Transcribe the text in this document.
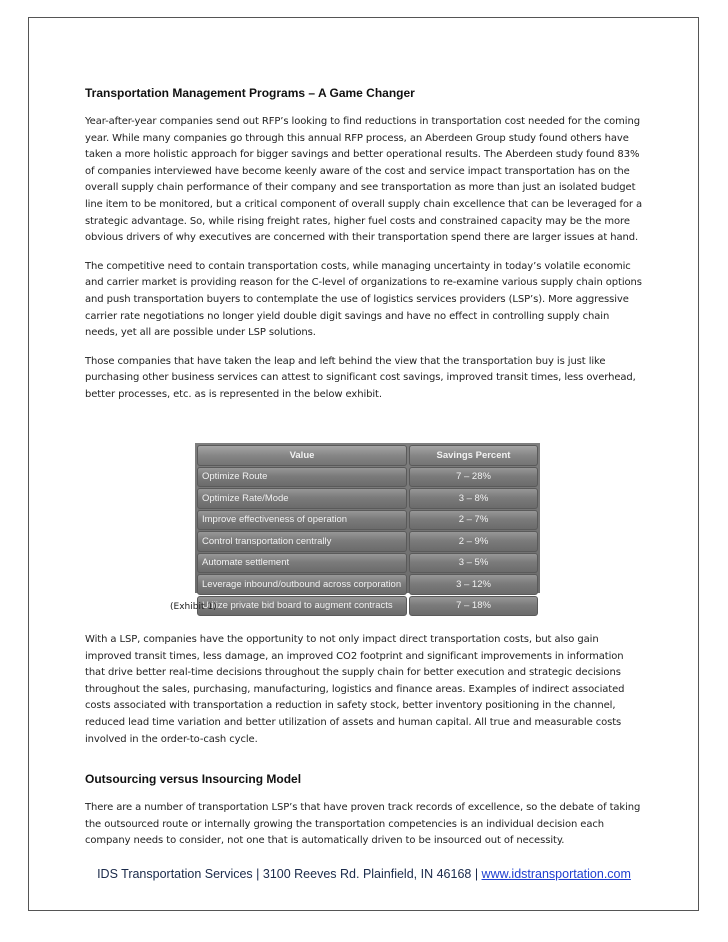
Transportation Management Programs – A Game Changer

Year-after-year companies send out RFP’s looking to find reductions in transportation cost needed for the coming year. While many companies go through this annual RFP process, an Aberdeen Group study found others have taken a more holistic approach for bigger savings and better operational results. The Aberdeen study found 83% of companies interviewed have become keenly aware of the cost and service impact transportation has on the overall supply chain performance of their company and see transportation as more than just an isolated budget line item to be monitored, but a critical component of overall supply chain excellence that can be leveraged for a strategic advantage. So, while rising freight rates, higher fuel costs and constrained capacity may be the more obvious drivers of why executives are concerned with their transportation spend there are larger issues at hand.

The competitive need to contain transportation costs, while managing uncertainty in today’s volatile economic and carrier market is providing reason for the C-level of organizations to re-examine various supply chain options and push transportation buyers to contemplate the use of logistics services providers (LSP’s). More aggressive carrier rate negotiations no longer yield double digit savings and have no effect in controlling supply chain needs, yet all are possible under LSP solutions.

Those companies that have taken the leap and left behind the view that the transportation buy is just like purchasing other business services can attest to significant cost savings, improved transit times, less overhead, better processes, etc. as is represented in the below exhibit.

Value	Savings Percent
Optimize Route	7 – 28%
Optimize Rate/Mode	3 – 8%
Improve effectiveness of operation	2 – 7%
Control transportation centrally	2 – 9%
Automate settlement	3 – 5%
Leverage inbound/outbound across corporation	3 – 12%
Utilize private bid board to augment contracts	7 – 18%
(Exhibit 1)

With a LSP, companies have the opportunity to not only impact direct transportation costs, but also gain improved transit times, less damage, an improved CO2 footprint and significant improvements in information that drive better real-time decisions throughout the supply chain for better execution and strategic decisions throughout the sales, purchasing, manufacturing, logistics and finance areas. Examples of indirect associated costs associated with transportation a reduction in safety stock, better inventory positioning in the channel, reduced lead time variation and better utilization of assets and human capital. All true and measurable costs involved in the order-to-cash cycle.

Outsourcing versus Insourcing Model

There are a number of transportation LSP’s that have proven track records of excellence, so the debate of taking the outsourced route or internally growing the transportation competencies is an individual decision each company needs to consider, not one that is automatically driven to be insourced out of necessity.

IDS Transportation Services | 3100 Reeves Rd. Plainfield, IN 46168 | www.idstransportation.com
